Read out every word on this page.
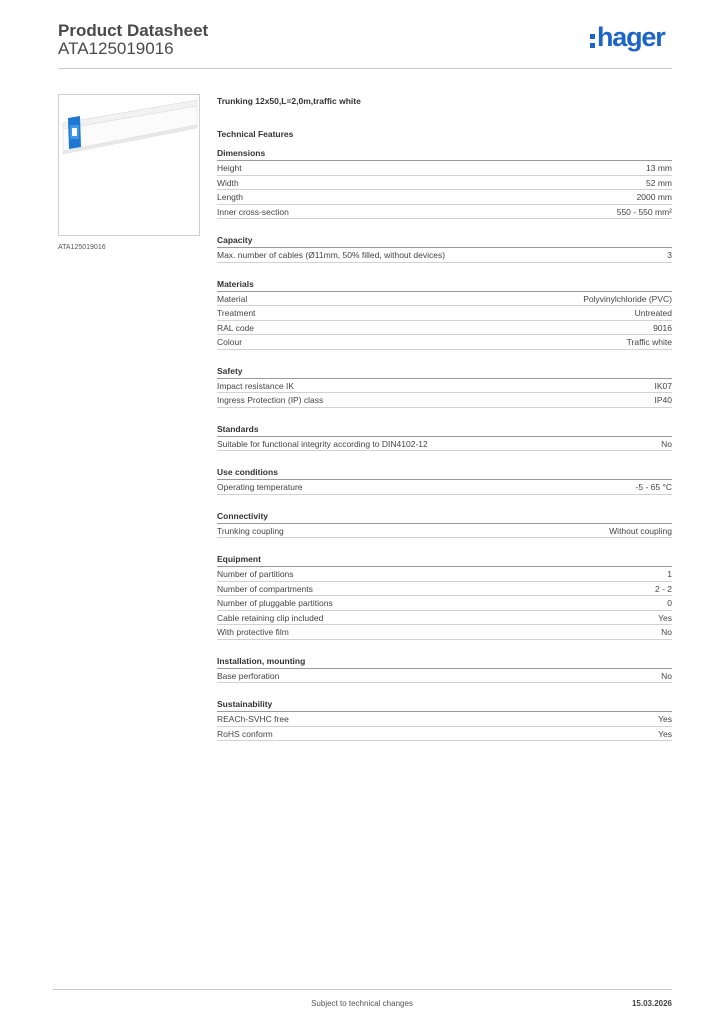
Product Datasheet
ATA125019016	hager
ATA125019016
Trunking 12x50,L=2,0m,traffic white
Technical Features
Dimensions
Height	13 mm
Width	52 mm
Length	2000 mm
Inner cross-section	550 - 550 mm²
Capacity
Max. number of cables (Ø11mm, 50% filled, without devices)	3
Materials
Material	Polyvinylchloride (PVC)
Treatment	Untreated
RAL code	9016
Colour	Traffic white
Safety
Impact resistance IK	IK07
Ingress Protection (IP) class	IP40
Standards
Suitable for functional integrity according to DIN4102-12	No
Use conditions
Operating temperature	-5 - 65 °C
Connectivity
Trunking coupling	Without coupling
Equipment
Number of partitions	1
Number of compartments	2 - 2
Number of pluggable partitions	0
Cable retaining clip included	Yes
With protective film	No
Installation, mounting
Base perforation	No
Sustainability
REACh-SVHC free	Yes
RoHS conform	Yes
Subject to technical changes	15.03.2026
